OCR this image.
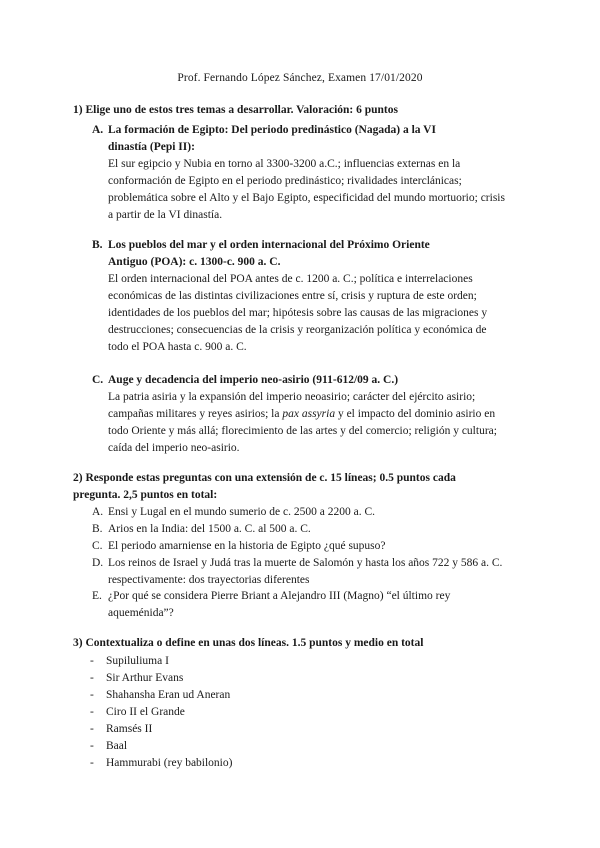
Prof. Fernando López Sánchez, Examen 17/01/2020
1) Elige uno de estos tres temas a desarrollar. Valoración: 6 puntos
A. La formación de Egipto: Del periodo predinástico (Nagada) a la VI
dinastía (Pepi II):
El sur egipcio y Nubia en torno al 3300-3200 a.C.; influencias externas en la
conformación de Egipto en el periodo predinástico; rivalidades interclánicas;
problemática sobre el Alto y el Bajo Egipto, especificidad del mundo mortuorio; crisis
a partir de la VI dinastía.
B. Los pueblos del mar y el orden internacional del Próximo Oriente
Antiguo (POA): c. 1300-c. 900 a. C.
El orden internacional del POA antes de c. 1200 a. C.; política e interrelaciones
económicas de las distintas civilizaciones entre sí, crisis y ruptura de este orden;
identidades de los pueblos del mar; hipótesis sobre las causas de las migraciones y
destrucciones; consecuencias de la crisis y reorganización política y económica de
todo el POA hasta c. 900 a. C.
C. Auge y decadencia del imperio neo-asirio (911-612/09 a. C.)
La patria asiria y la expansión del imperio neoasirio; carácter del ejército asirio;
campañas militares y reyes asirios; la pax assyria y el impacto del dominio asirio en
todo Oriente y más allá; florecimiento de las artes y del comercio; religión y cultura;
caída del imperio neo-asirio.
2) Responde estas preguntas con una extensión de c. 15 líneas; 0.5 puntos cada
pregunta. 2,5 puntos en total:
A. Ensi y Lugal en el mundo sumerio de c. 2500 a 2200 a. C.
B. Arios en la India: del 1500 a. C. al 500 a. C.
C. El periodo amarniense en la historia de Egipto ¿qué supuso?
D. Los reinos de Israel y Judá tras la muerte de Salomón y hasta los años 722 y 586 a. C.
respectivamente: dos trayectorias diferentes
E. ¿Por qué se considera Pierre Briant a Alejandro III (Magno) “el último rey
aqueménida”?
3) Contextualiza o define en unas dos líneas. 1.5 puntos y medio en total
- Supiluliuma I
- Sir Arthur Evans
- Shahansha Eran ud Aneran
- Ciro II el Grande
- Ramsés II
- Baal
- Hammurabi (rey babilonio)
